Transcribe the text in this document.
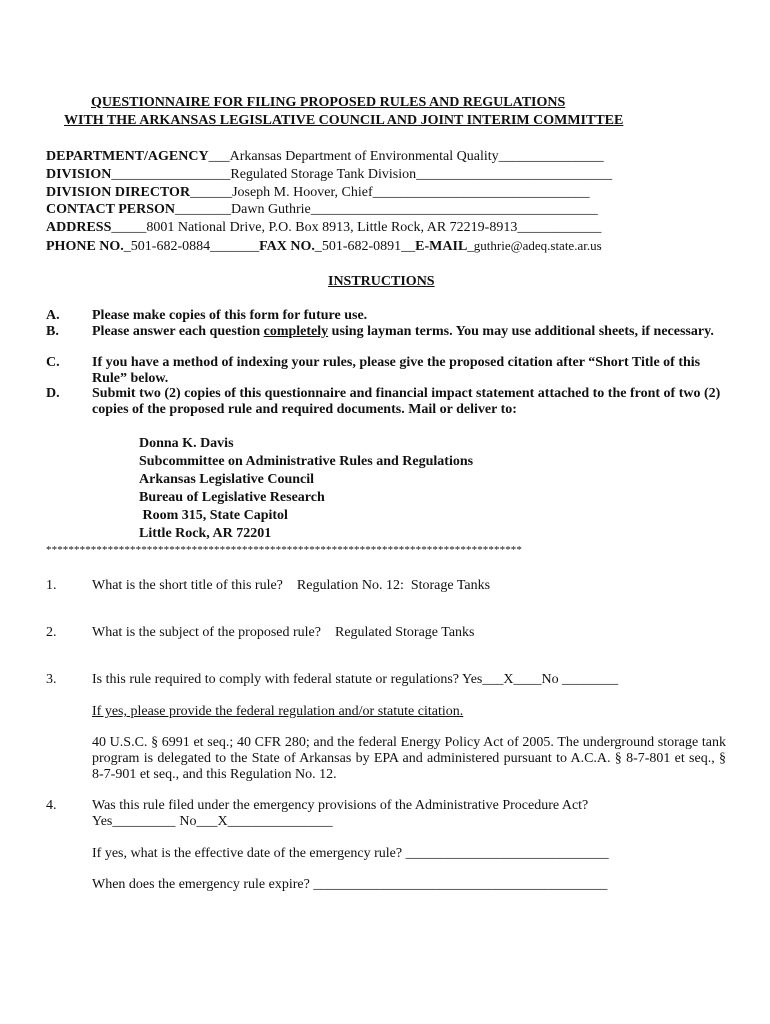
QUESTIONNAIRE FOR FILING PROPOSED RULES AND REGULATIONS
WITH THE ARKANSAS LEGISLATIVE COUNCIL AND JOINT INTERIM COMMITTEE
DEPARTMENT/AGENCY___Arkansas Department of Environmental Quality_______________
DIVISION_________________Regulated Storage Tank Division____________________________
DIVISION DIRECTOR______Joseph M. Hoover, Chief_______________________________
CONTACT PERSON________Dawn Guthrie_________________________________________
ADDRESS_____8001 National Drive, P.O. Box 8913, Little Rock, AR 72219-8913____________
PHONE NO._501-682-0884_______FAX NO._501-682-0891__E-MAIL_guthrie@adeq.state.ar.us
INSTRUCTIONS
A. Please make copies of this form for future use.
B. Please answer each question completely using layman terms. You may use additional sheets, if necessary.
C. If you have a method of indexing your rules, please give the proposed citation after “Short Title of this Rule” below.
D. Submit two (2) copies of this questionnaire and financial impact statement attached to the front of two (2) copies of the proposed rule and required documents. Mail or deliver to:
Donna K. Davis
Subcommittee on Administrative Rules and Regulations
Arkansas Legislative Council
Bureau of Legislative Research
Room 315, State Capitol
Little Rock, AR 72201
*************************************************************************************
1.	What is the short title of this rule?    Regulation No. 12:  Storage Tanks
2.	What is the subject of the proposed rule?    Regulated Storage Tanks
3.	Is this rule required to comply with federal statute or regulations? Yes___X____No ________
If yes, please provide the federal regulation and/or statute citation.
40 U.S.C. § 6991 et seq.; 40 CFR 280; and the federal Energy Policy Act of 2005. The underground storage tank program is delegated to the State of Arkansas by EPA and administered pursuant to A.C.A. § 8-7-801 et seq., § 8-7-901 et seq., and this Regulation No. 12.
4.	Was this rule filed under the emergency provisions of the Administrative Procedure Act?
Yes_________ No___X_______________
If yes, what is the effective date of the emergency rule? _____________________________
When does the emergency rule expire? __________________________________________
